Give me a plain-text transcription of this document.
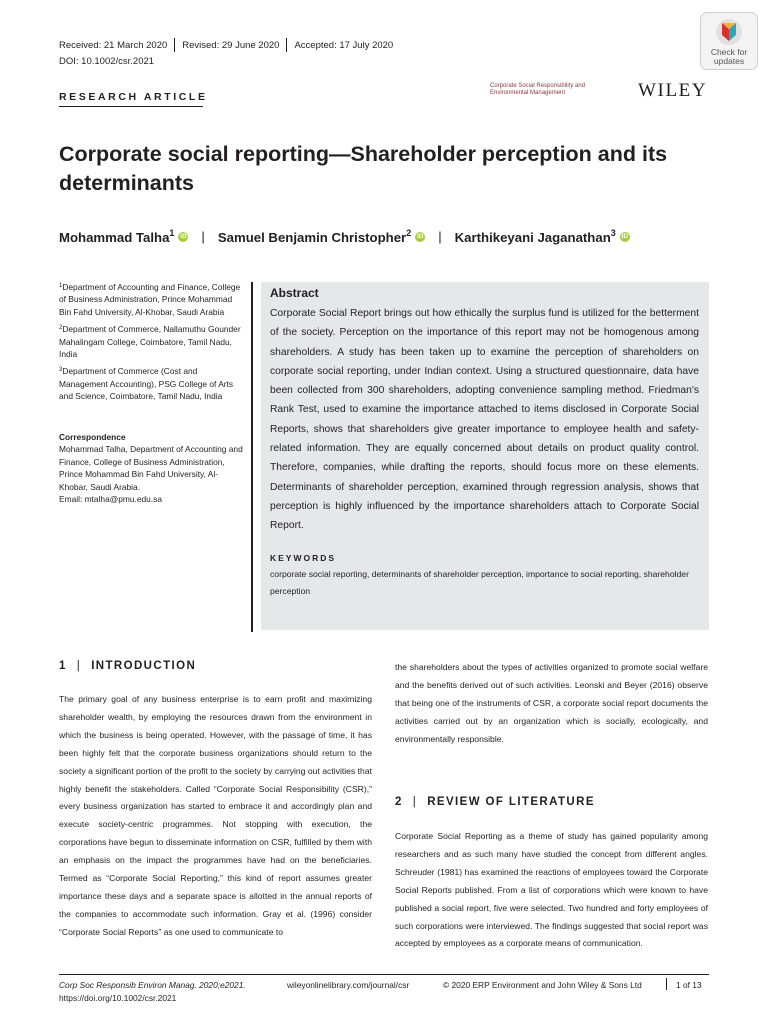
Received: 21 March 2020 Revised: 29 June 2020 Accepted: 17 July 2020
DOI: 10.1002/csr.2021
Check for updates
RESEARCH ARTICLE
Corporate Social Responsibility and Environmental Management	WILEY
Corporate social reporting—Shareholder perception and its determinants
Mohammad Talha$^1$ iD | Samuel Benjamin Christopher$^2$ iD | Karthikeyani Jaganathan$^3$ iD

$^1$Department of Accounting and Finance, College of Business Administration, Prince Mohammad Bin Fahd University, Al-Khobar, Saudi Arabia

$^2$Department of Commerce, Nallamuthu Gounder Mahalingam College, Coimbatore, Tamil Nadu, India

$^3$Department of Commerce (Cost and Management Accounting), PSG College of Arts and Science, Coimbatore, Tamil Nadu, India

Correspondence
Mohammad Talha, Department of Accounting and Finance, College of Business Administration, Prince Mohammad Bin Fahd University, Al-Khobar, Saudi Arabia.
Email: mtalha@pmu.edu.sa
Abstract
Corporate Social Report brings out how ethically the surplus fund is utilized for the betterment of the society. Perception on the importance of this report may not be homogenous among shareholders. A study has been taken up to examine the perception of shareholders on corporate social reporting, under Indian context. Using a structured questionnaire, data have been collected from 300 shareholders, adopting convenience sampling method. Friedman's Rank Test, used to examine the importance attached to items disclosed in Corporate Social Reports, shows that shareholders give greater importance to employee health and safety-related information. They are equally concerned about details on product quality control. Therefore, companies, while drafting the reports, should focus more on these elements. Determinants of shareholder perception, examined through regression analysis, shows that perception is highly influenced by the importance shareholders attach to Corporate Social Report.
KEYWORDS
corporate social reporting, determinants of shareholder perception, importance to social reporting, shareholder perception
1 | INTRODUCTION
The primary goal of any business enterprise is to earn profit and maximizing shareholder wealth, by employing the resources drawn from the environment in which the business is being operated. However, with the passage of time, it has been highly felt that the corporate business organizations should return to the society a significant portion of the profit to the society by carrying out activities that highly benefit the stakeholders. Called “Corporate Social Responsibility (CSR),” every business organization has started to embrace it and accordingly plan and execute society-centric programmes. Not stopping with execution, the corporations have begun to disseminate information on CSR, fulfilled by them with an emphasis on the impact the programmes have had on the beneficiaries. Termed as “Corporate Social Reporting,” this kind of report assumes greater importance these days and a separate space is allotted in the annual reports of the companies to accommodate such information. Gray et al. (1996) consider “Corporate Social Reports” as one used to communicate to
the shareholders about the types of activities organized to promote social welfare and the benefits derived out of such activities. Leonski and Beyer (2016) observe that being one of the instruments of CSR, a corporate social report documents the activities carried out by an organization which is socially, ecologically, and environmentally responsible.
2 | REVIEW OF LITERATURE
Corporate Social Reporting as a theme of study has gained popularity among researchers and as such many have studied the concept from different angles. Schreuder (1981) has examined the reactions of employees toward the Corporate Social Reports published. From a list of corporations which were known to have published a social report, five were selected. Two hundred and forty employees of such corporations were interviewed. The findings suggested that social report was accepted by employees as a corporate means of communication.
Corp Soc Responsib Environ Manag. 2020;e2021.
https://doi.org/10.1002/csr.2021
wileyonlinelibrary.com/journal/csr	© 2020 ERP Environment and John Wiley & Sons Ltd	1 of 13
